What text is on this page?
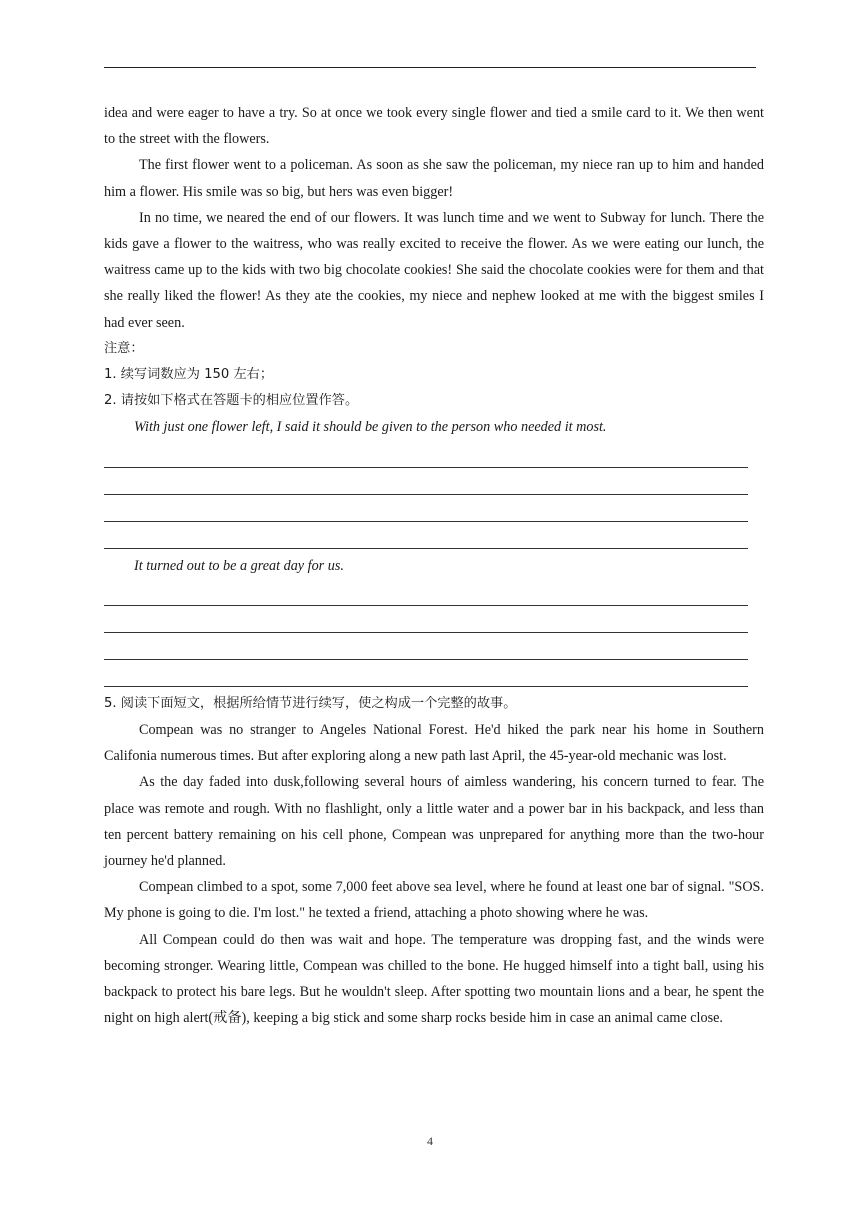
idea and were eager to have a try. So at once we took every single flower and tied a smile card to it. We then went to the street with the flowers.

The first flower went to a policeman. As soon as she saw the policeman, my niece ran up to him and handed him a flower. His smile was so big, but hers was even bigger!

In no time, we neared the end of our flowers. It was lunch time and we went to Subway for lunch. There the kids gave a flower to the waitress, who was really excited to receive the flower. As we were eating our lunch, the waitress came up to the kids with two big chocolate cookies! She said the chocolate cookies were for them and that she really liked the flower! As they ate the cookies, my niece and nephew looked at me with the biggest smiles I had ever seen.

注意：

1. 续写词数应为 150 左右；

2. 请按如下格式在答题卡的相应位置作答。

With just one flower left, I said it should be given to the person who needed it most.

It turned out to be a great day for us.

5. 阅读下面短文，根据所给情节进行续写，使之构成一个完整的故事。

Compean was no stranger to Angeles National Forest. He'd hiked the park near his home in Southern Califonia numerous times. But after exploring along a new path last April, the 45-year-old mechanic was lost.

As the day faded into dusk,following several hours of aimless wandering, his concern turned to fear. The place was remote and rough. With no flashlight, only a little water and a power bar in his backpack, and less than ten percent battery remaining on his cell phone, Compean was unprepared for anything more than the two-hour journey he'd planned.

Compean climbed to a spot, some 7,000 feet above sea level, where he found at least one bar of signal. "SOS. My phone is going to die. I'm lost." he texted a friend, attaching a photo showing where he was.

All Compean could do then was wait and hope. The temperature was dropping fast, and the winds were becoming stronger. Wearing little, Compean was chilled to the bone. He hugged himself into a tight ball, using his backpack to protect his bare legs. But he wouldn't sleep. After spotting two mountain lions and a bear, he spent the night on high alert(戒备), keeping a big stick and some sharp rocks beside him in case an animal came close.

4
